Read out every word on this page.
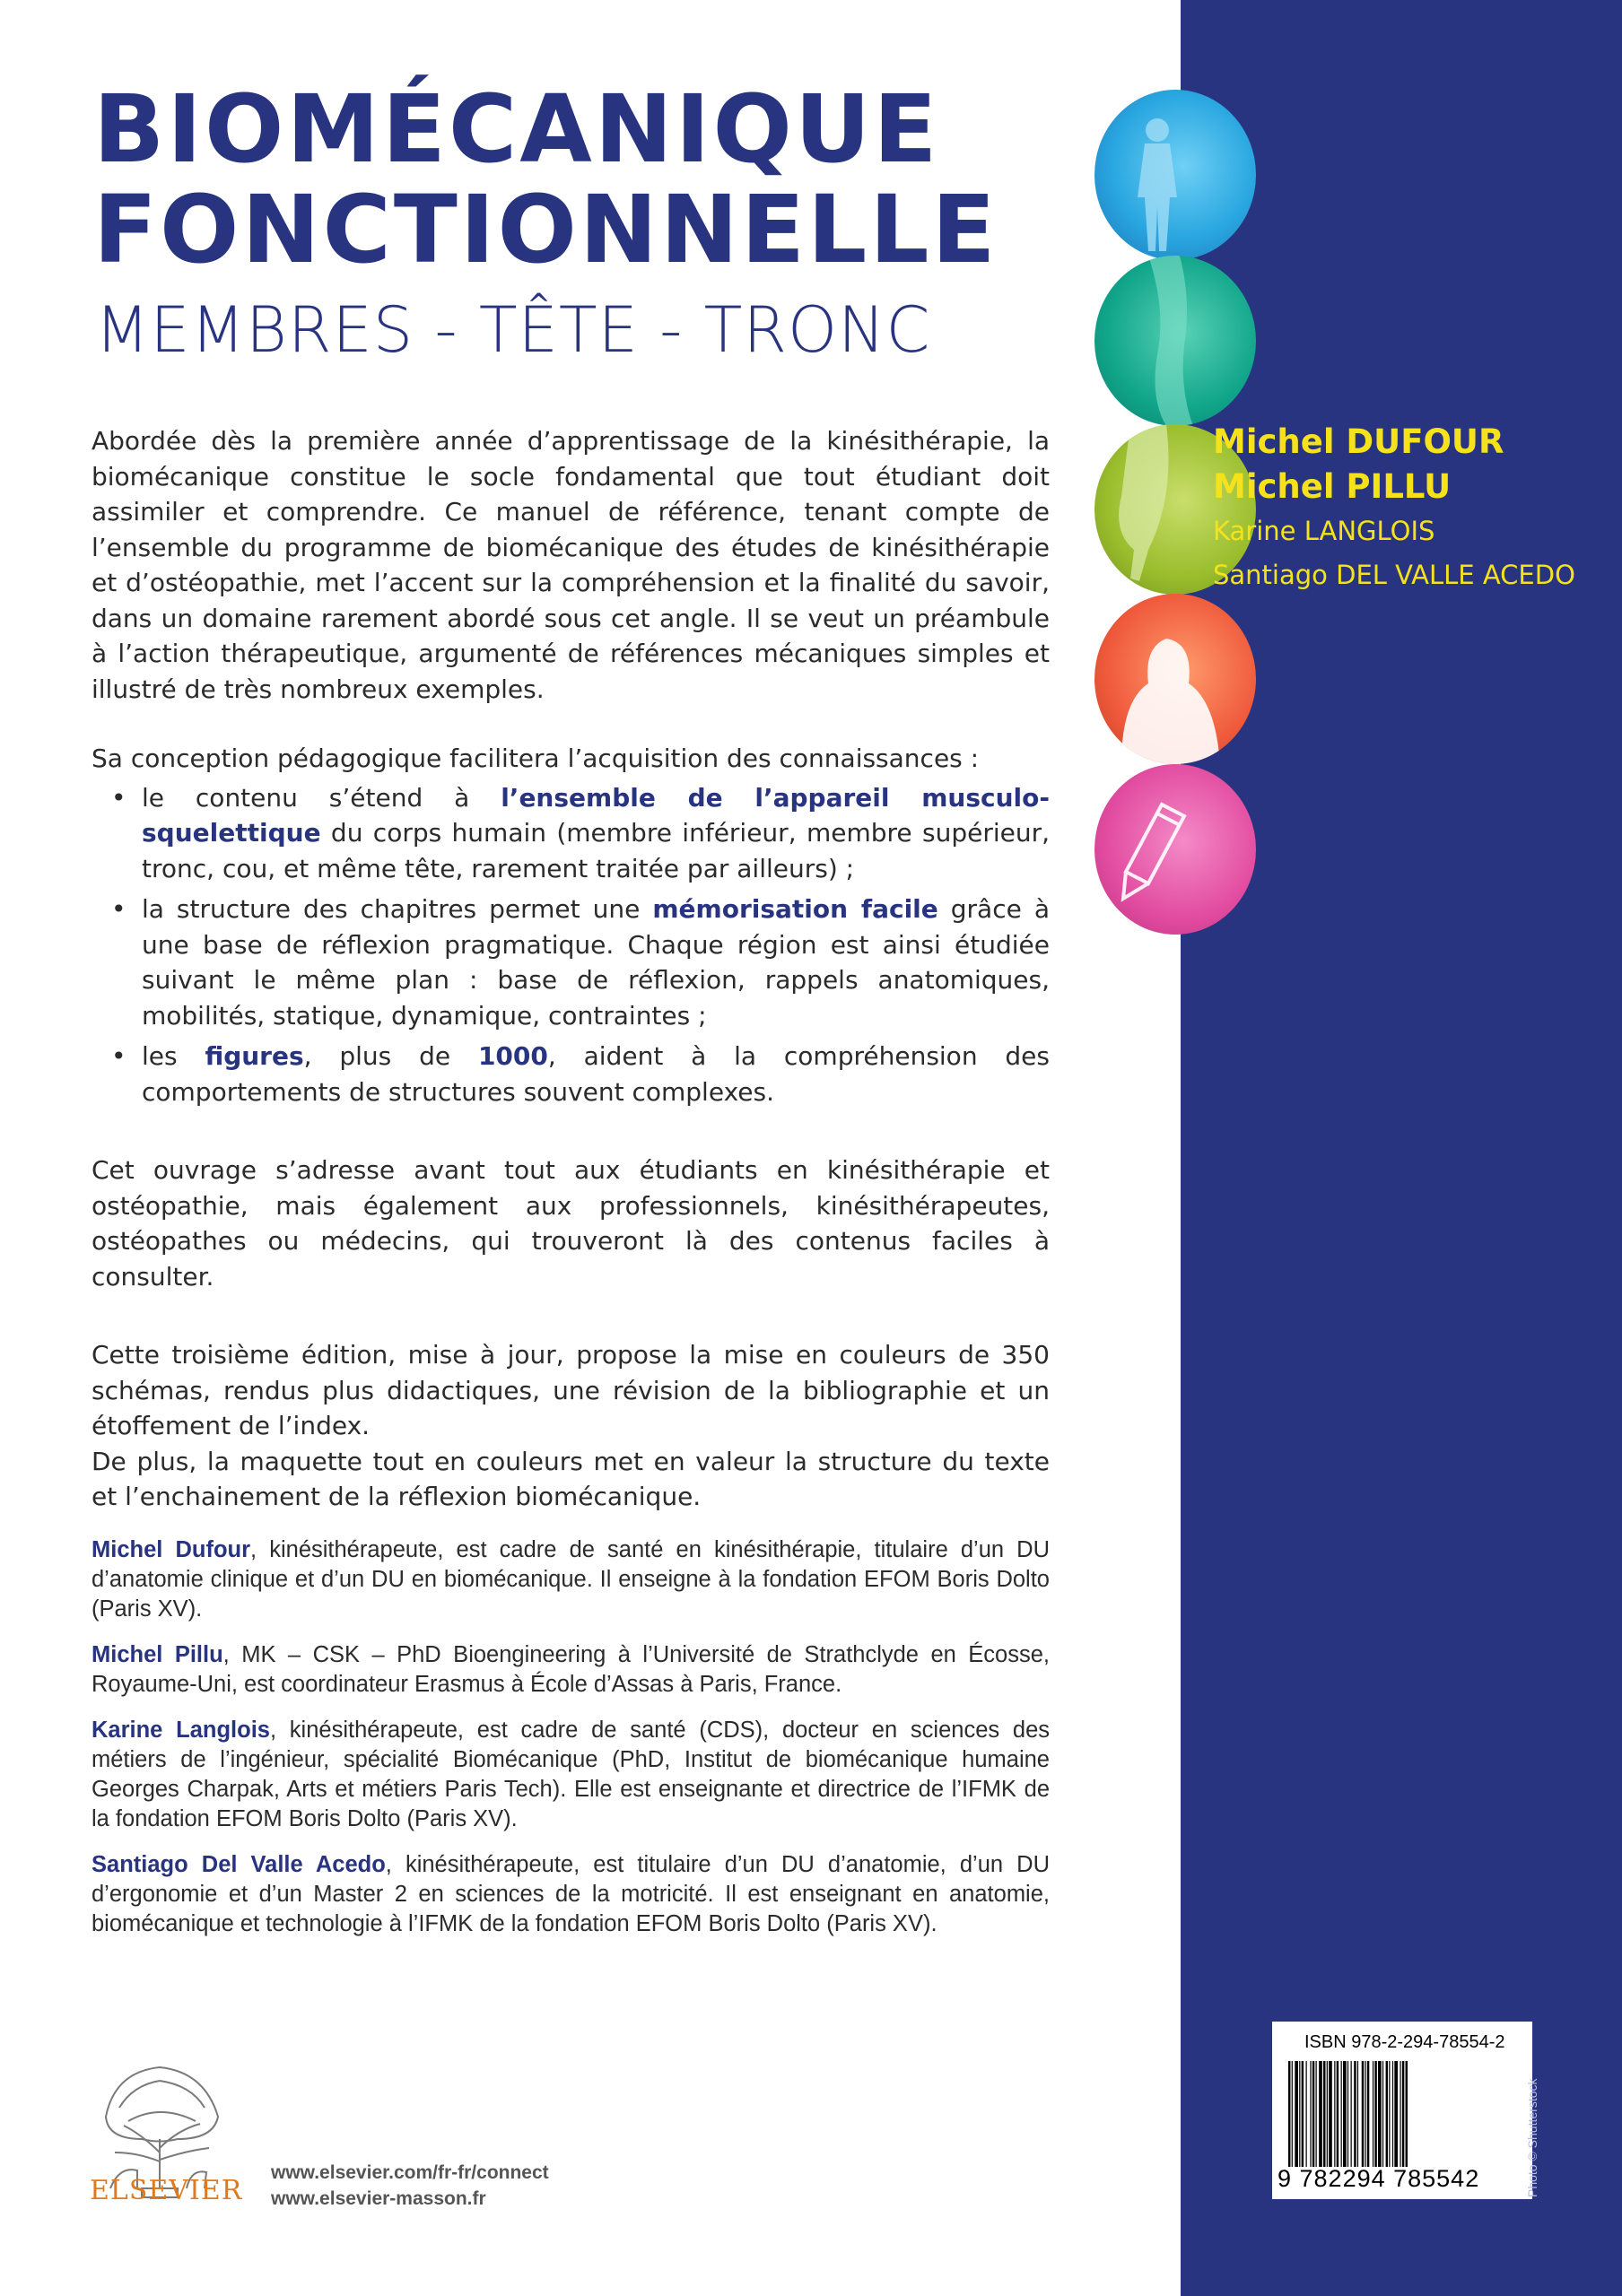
BIOMÉCANIQUE
FONCTIONNELLE
MEMBRES - TÊTE - TRONC

Abordée dès la première année d’apprentissage de la kinésithérapie, la biomécanique constitue le socle fondamental que tout étudiant doit assimiler et comprendre. Ce manuel de référence, tenant compte de l’ensemble du programme de biomécanique des études de kinésithérapie et d’ostéopathie, met l’accent sur la compréhension et la finalité du savoir, dans un domaine rarement abordé sous cet angle. Il se veut un préambule à l’action thérapeutique, argumenté de références mécaniques simples et illustré de très nombreux exemples.

Sa conception pédagogique facilitera l’acquisition des connaissances :

• le contenu s’étend à l’ensemble de l’appareil musculo-squelettique du corps humain (membre inférieur, membre supérieur, tronc, cou, et même tête, rarement traitée par ailleurs) ;
• la structure des chapitres permet une mémorisation facile grâce à une base de réflexion pragmatique. Chaque région est ainsi étudiée suivant le même plan : base de réflexion, rappels anatomiques, mobilités, statique, dynamique, contraintes ;
• les figures, plus de 1000, aident à la compréhension des comportements de structures souvent complexes.

Cet ouvrage s’adresse avant tout aux étudiants en kinésithérapie et ostéopathie, mais également aux professionnels, kinésithérapeutes, ostéopathes ou médecins, qui trouveront là des contenus faciles à consulter.

Cette troisième édition, mise à jour, propose la mise en couleurs de 350 schémas, rendus plus didactiques, une révision de la bibliographie et un étoffement de l’index.

De plus, la maquette tout en couleurs met en valeur la structure du texte et l’enchainement de la réflexion biomécanique.

Michel Dufour, kinésithérapeute, est cadre de santé en kinésithérapie, titulaire d’un DU d’anatomie clinique et d’un DU en biomécanique. Il enseigne à la fondation EFOM Boris Dolto (Paris XV).

Michel Pillu, MK – CSK – PhD Bioengineering à l’Université de Strathclyde en Écosse, Royaume-Uni, est coordinateur Erasmus à École d’Assas à Paris, France.

Karine Langlois, kinésithérapeute, est cadre de santé (CDS), docteur en sciences des métiers de l’ingénieur, spécialité Biomécanique (PhD, Institut de biomécanique humaine Georges Charpak, Arts et métiers Paris Tech). Elle est enseignante et directrice de l’IFMK de la fondation EFOM Boris Dolto (Paris XV).

Santiago Del Valle Acedo, kinésithérapeute, est titulaire d’un DU d’anatomie, d’un DU d’ergonomie et d’un Master 2 en sciences de la motricité. Il est enseignant en anatomie, biomécanique et technologie à l’IFMK de la fondation EFOM Boris Dolto (Paris XV).

ELSEVIER
www.elsevier.com/fr-fr/connect
www.elsevier-masson.fr
Michel DUFOUR
Michel PILLU
Karine LANGLOIS
Santiago DEL VALLE ACEDO
ISBN 978-2-294-78554-2
9 782294 785542	Photo © Shutterstock
